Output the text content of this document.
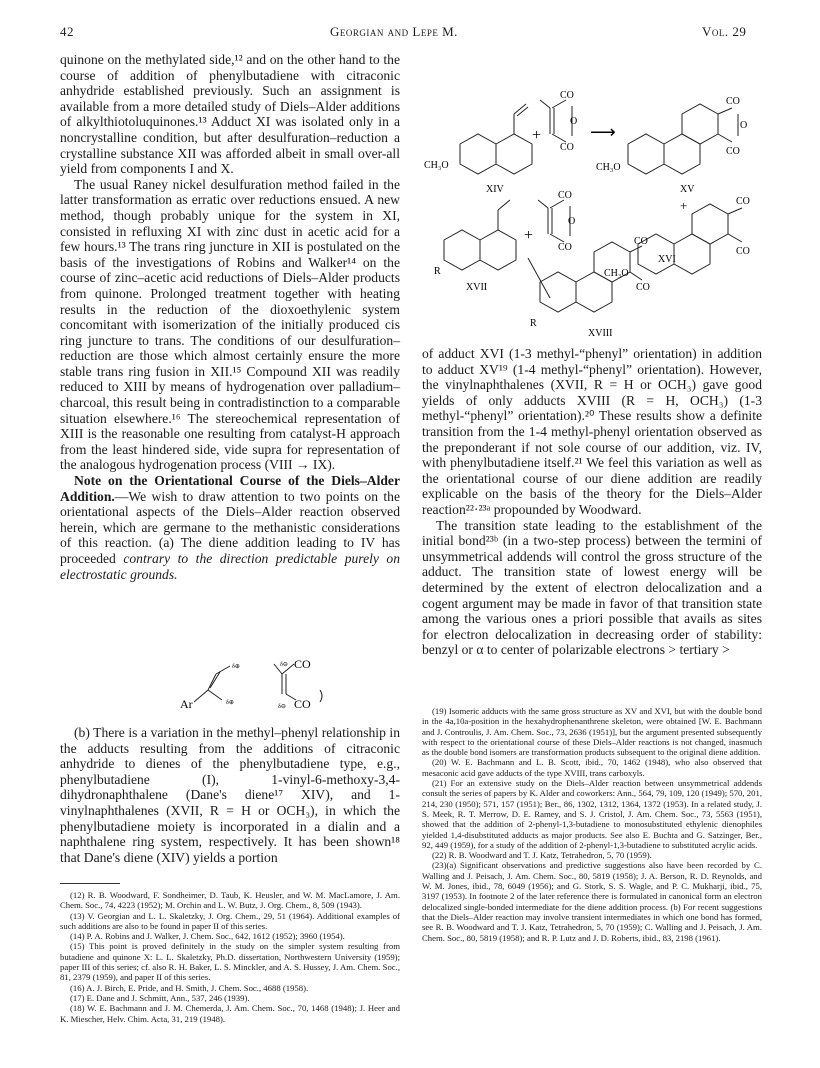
42	Georgian and Lepe M.	Vol. 29

quinone on the methylated side,¹² and on the other hand to the course of addition of phenylbutadiene with citraconic anhydride established previously. Such an assignment is available from a more detailed study of Diels–Alder additions of alkylthiotoluquinones.¹³ Adduct XI was isolated only in a noncrystalline condition, but after desulfuration–reduction a crystalline substance XII was afforded albeit in small over-all yield from components I and X.

The usual Raney nickel desulfuration method failed in the latter transformation as erratic over reductions ensued. A new method, though probably unique for the system in XI, consisted in refluxing XI with zinc dust in acetic acid for a few hours.¹³ The trans ring juncture in XII is postulated on the basis of the investigations of Robins and Walker¹⁴ on the course of zinc–acetic acid reductions of Diels–Alder products from quinone. Prolonged treatment together with heating results in the reduction of the dioxoethylenic system concomitant with isomerization of the initially produced cis ring juncture to trans. The conditions of our desulfuration–reduction are those which almost certainly ensure the more stable trans ring fusion in XII.¹⁵ Compound XII was readily reduced to XIII by means of hydrogenation over palladium–charcoal, this result being in contradistinction to a comparable situation elsewhere.¹⁶ The stereochemical representation of XIII is the reasonable one resulting from catalyst-H approach from the least hindered side, vide supra for representation of the analogous hydrogenation process (VIII → IX).

Note on the Orientational Course of the Diels–Alder Addition.—We wish to draw attention to two points on the orientational aspects of the Diels–Alder reaction observed herein, which are germane to the methanistic considerations of this reaction. (a) The diene addition leading to IV has proceeded contrary to the direction predictable purely on electrostatic grounds.

Ar
δ⊕
δ⊕
δ⊖ CO
δ⊖ CO

(b) There is a variation in the methyl–phenyl relationship in the adducts resulting from the additions of citraconic anhydride to dienes of the phenylbutadiene type, e.g., phenylbutadiene (I), 1-vinyl-6-methoxy-3,4-dihydronaphthalene (Dane's diene¹⁷ XIV), and 1-vinylnaphthalenes (XVII, R = H or OCH₃), in which the phenylbutadiene moiety is incorporated in a dialin and a naphthalene ring system, respectively. It has been shown¹⁸ that Dane's diene (XIV) yields a portion

(12) R. B. Woodward, F. Sondheimer, D. Taub, K. Heusler, and W. M. MacLamore, J. Am. Chem. Soc., 74, 4223 (1952); M. Orchin and L. W. Butz, J. Org. Chem., 8, 509 (1943).

(13) V. Georgian and L. L. Skaletzky, J. Org. Chem., 29, 51 (1964). Additional examples of such additions are also to be found in paper II of this series.

(14) P. A. Robins and J. Walker, J. Chem. Soc., 642, 1612 (1952); 3960 (1954).

(15) This point is proved definitely in the study on the simpler system resulting from butadiene and quinone X: L. L. Skaletzky, Ph.D. dissertation, Northwestern University (1959); paper III of this series; cf. also R. H. Baker, L. S. Minckler, and A. S. Hussey, J. Am. Chem. Soc., 81, 2379 (1959), and paper II of this series.

(16) A. J. Birch, E. Pride, and H. Smith, J. Chem. Soc., 4688 (1958).

(17) E. Dane and J. Schmitt, Ann., 537, 246 (1939).

(18) W. E. Bachmann and J. M. Chemerda, J. Am. Chem. Soc., 70, 1468 (1948); J. Heer and K. Miescher, Helv. Chim. Acta, 31, 219 (1948).

CH₃O
XIV
+
CO
O
CO
⟶
CH₃O
CO
O
CO
XV
+
R
XVII
+
CO
O
CO
CH₃O
CO
CO
XVI
CO
CO
R
XVIII

of adduct XVI (1-3 methyl-“phenyl” orientation) in addition to adduct XV¹⁹ (1-4 methyl-“phenyl” orientation). However, the vinylnaphthalenes (XVII, R = H or OCH₃) gave good yields of only adducts XVIII (R = H, OCH₃) (1-3 methyl-“phenyl” orientation).²⁰ These results show a definite transition from the 1-4 methyl-phenyl orientation observed as the preponderant if not sole course of our addition, viz. IV, with phenylbutadiene itself.²¹ We feel this variation as well as the orientational course of our diene addition are readily explicable on the basis of the theory for the Diels–Alder reaction²²·²³ᵃ propounded by Woodward.

The transition state leading to the establishment of the initial bond²³ᵇ (in a two-step process) between the termini of unsymmetrical addends will control the gross structure of the adduct. The transition state of lowest energy will be determined by the extent of electron delocalization and a cogent argument may be made in favor of that transition state among the various ones a priori possible that avails as sites for electron delocalization in decreasing order of stability: benzyl or α to center of polarizable electrons > tertiary >

(19) Isomeric adducts with the same gross structure as XV and XVI, but with the double bond in the 4a,10a-position in the hexahydrophenanthrene skeleton, were obtained [W. E. Bachmann and J. Controulis, J. Am. Chem. Soc., 73, 2636 (1951)], but the argument presented subsequently with respect to the orientational course of these Diels–Alder reactions is not changed, inasmuch as the double bond isomers are transformation products subsequent to the original diene addition.

(20) W. E. Bachmann and L. B. Scott, ibid., 70, 1462 (1948), who also observed that mesaconic acid gave adducts of the type XVIII, trans carboxyls.

(21) For an extensive study on the Diels–Alder reaction between unsymmetrical addends consult the series of papers by K. Alder and coworkers: Ann., 564, 79, 109, 120 (1949); 570, 201, 214, 230 (1950); 571, 157 (1951); Ber., 86, 1302, 1312, 1364, 1372 (1953). In a related study, J. S. Meek, R. T. Merrow, D. E. Ramey, and S. J. Cristol, J. Am. Chem. Soc., 73, 5563 (1951), showed that the addition of 2-phenyl-1,3-butadiene to monosubstituted ethylenic dienophiles yielded 1,4-disubstituted adducts as major products. See also E. Buchta and G. Satzinger, Ber., 92, 449 (1959), for a study of the addition of 2-phenyl-1,3-butadiene to substituted acrylic acids.

(22) R. B. Woodward and T. J. Katz, Tetrahedron, 5, 70 (1959).

(23)(a) Significant observations and predictive suggestions also have been recorded by C. Walling and J. Peisach, J. Am. Chem. Soc., 80, 5819 (1958); J. A. Berson, R. D. Reynolds, and W. M. Jones, ibid., 78, 6049 (1956); and G. Stork, S. S. Wagle, and P. C. Mukharji, ibid., 75, 3197 (1953). In footnote 2 of the later reference there is formulated in canonical form an electron delocalized single-bonded intermediate for the diene addition process. (b) For recent suggestions that the Diels–Alder reaction may involve transient intermediates in which one bond has formed, see R. B. Woodward and T. J. Katz, Tetrahedron, 5, 70 (1959); C. Walling and J. Peisach, J. Am. Chem. Soc., 80, 5819 (1958); and R. P. Lutz and J. D. Roberts, ibid., 83, 2198 (1961).
